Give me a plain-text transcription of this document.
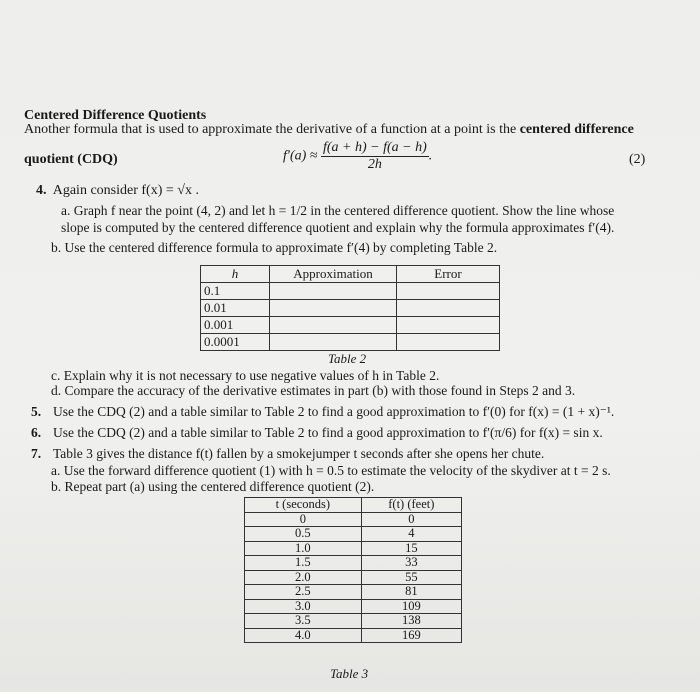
Centered Difference Quotients
Another formula that is used to approximate the derivative of a function at a point is the centered difference
quotient (CDQ)	$f'(a) \approx \frac{f(a + h) - f(a - h)}{2h}$ .	(2)
4. Again consider f(x) = √x .
a. Graph f near the point (4, 2) and let h = 1/2 in the centered difference quotient. Show the line whose
slope is computed by the centered difference quotient and explain why the formula approximates f′(4).
b. Use the centered difference formula to approximate f′(4) by completing Table 2.
h	Approximation	Error
0.1		
0.01		
0.001		
0.0001		
Table 2
c. Explain why it is not necessary to use negative values of h in Table 2.
d. Compare the accuracy of the derivative estimates in part (b) with those found in Steps 2 and 3.
5. Use the CDQ (2) and a table similar to Table 2 to find a good approximation to f′(0) for f(x) = (1 + x)⁻¹.
6. Use the CDQ (2) and a table similar to Table 2 to find a good approximation to f′(π/6) for f(x) = sin x.
7. Table 3 gives the distance f(t) fallen by a smokejumper t seconds after she opens her chute.
a. Use the forward difference quotient (1) with h = 0.5 to estimate the velocity of the skydiver at t = 2 s.
b. Repeat part (a) using the centered difference quotient (2).
t (seconds)	f(t) (feet)
0	0
0.5	4
1.0	15
1.5	33
2.0	55
2.5	81
3.0	109
3.5	138
4.0	169
Table 3
